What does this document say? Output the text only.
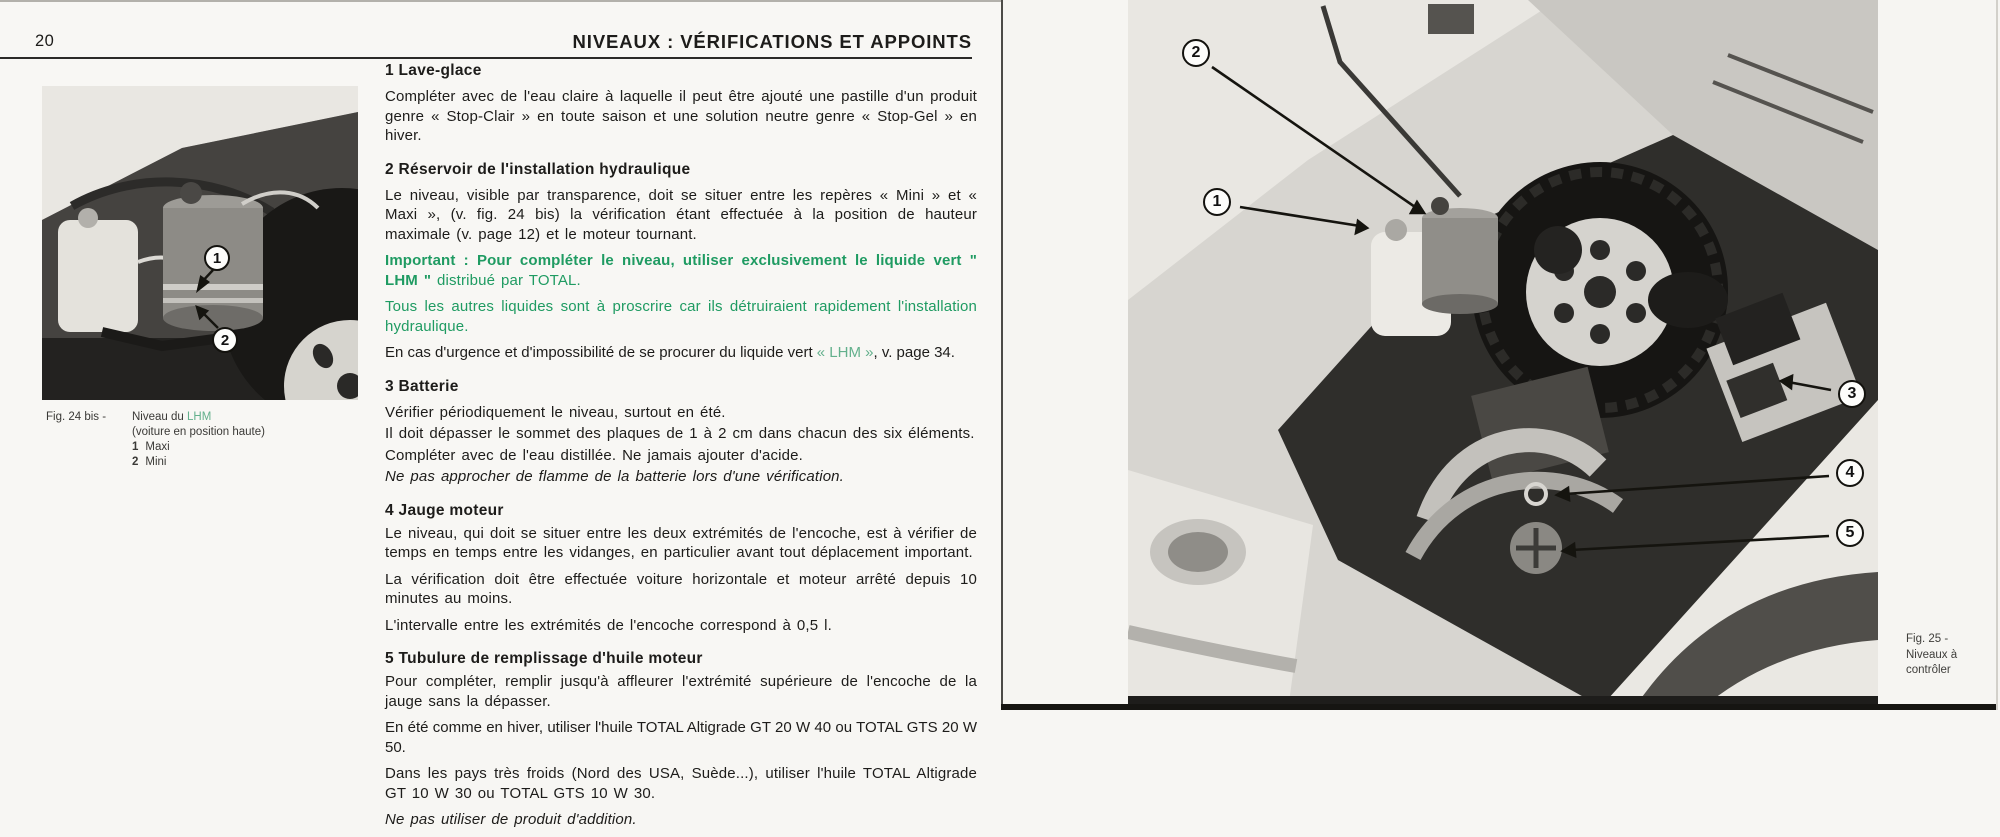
20	NIVEAUX : VÉRIFICATIONS ET APPOINTS
1
2
Fig. 24 bis - Niveau du LHM
(voiture en position haute)
1 Maxi
2 Mini
1 Lave-glace

Compléter avec de l'eau claire à laquelle il peut être ajouté une pastille d'un produit genre « Stop-Clair » en toute saison et une solution neutre genre « Stop-Gel » en hiver.

2 Réservoir de l'installation hydraulique

Le niveau, visible par transparence, doit se situer entre les repères « Mini » et « Maxi », (v. fig. 24 bis) la vérification étant effectuée à la position de hauteur maximale (v. page 12) et le moteur tournant.

Important : Pour compléter le niveau, utiliser exclusivement le liquide vert " LHM " distribué par TOTAL.

Tous les autres liquides sont à proscrire car ils détruiraient rapidement l'installation hydraulique.

En cas d'urgence et d'impossibilité de se procurer du liquide vert « LHM », v. page 34.

3 Batterie

Vérifier périodiquement le niveau, surtout en été.

Il doit dépasser le sommet des plaques de 1 à 2 cm dans chacun des six éléments.

Compléter avec de l'eau distillée. Ne jamais ajouter d'acide.

Ne pas approcher de flamme de la batterie lors d'une vérification.

4 Jauge moteur

Le niveau, qui doit se situer entre les deux extrémités de l'encoche, est à vérifier de temps en temps entre les vidanges, en particulier avant tout déplacement important.

La vérification doit être effectuée voiture horizontale et moteur arrêté depuis 10 minutes au moins.

L'intervalle entre les extrémités de l'encoche correspond à 0,5 l.

5 Tubulure de remplissage d'huile moteur

Pour compléter, remplir jusqu'à affleurer l'extrémité supérieure de l'encoche de la jauge sans la dépasser.

En été comme en hiver, utiliser l'huile TOTAL Altigrade GT 20 W 40 ou TOTAL GTS 20 W 50.

Dans les pays très froids (Nord des USA, Suède...), utiliser l'huile TOTAL Altigrade GT 10 W 30 ou TOTAL GTS 10 W 30.

Ne pas utiliser de produit d'addition.

2
1
3
4
5
Fig. 25 -
Niveaux à
contrôler
